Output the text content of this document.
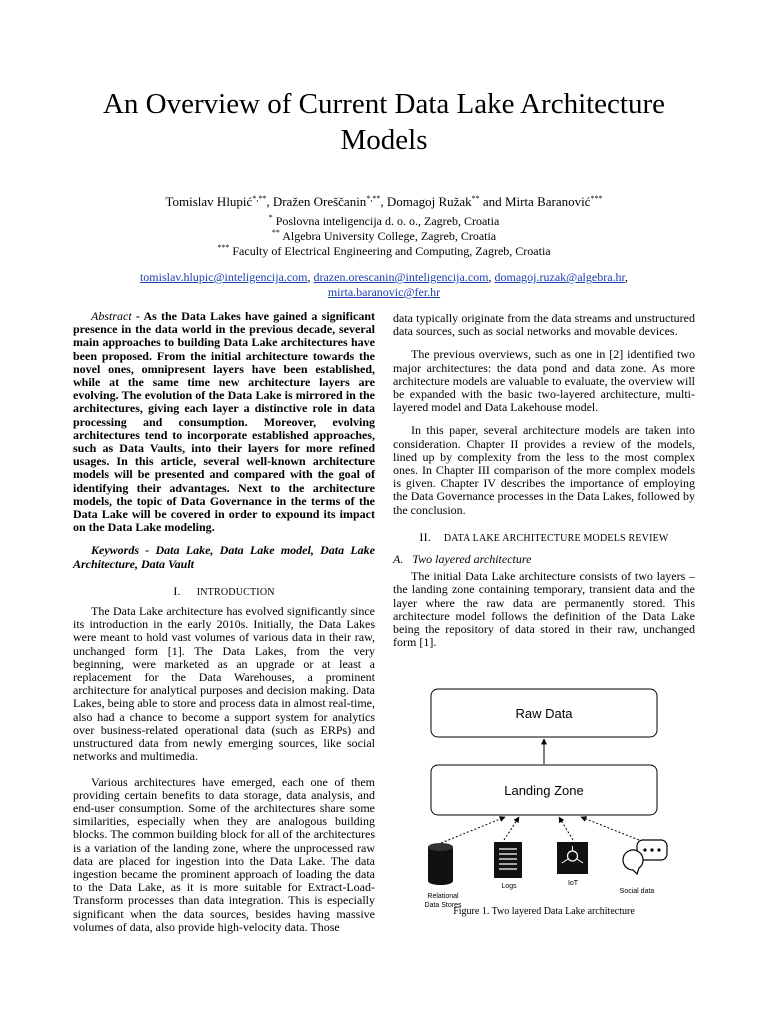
An Overview of Current Data Lake Architecture
Models
Tomislav Hlupić*,**, Dražen Oreščanin*,**, Domagoj Ružak** and Mirta Baranović***
* Poslovna inteligencija d. o. o., Zagreb, Croatia
** Algebra University College, Zagreb, Croatia
*** Faculty of Electrical Engineering and Computing, Zagreb, Croatia
tomislav.hlupic@inteligencija.com, drazen.orescanin@inteligencija.com, domagoj.ruzak@algebra.hr,
mirta.baranovic@fer.hr

Abstract - As the Data Lakes have gained a significant presence in the data world in the previous decade, several main approaches to building Data Lake architectures have been proposed. From the initial architecture towards the novel ones, omnipresent layers have been established, while at the same time new architecture layers are evolving. The evolution of the Data Lake is mirrored in the architectures, giving each layer a distinctive role in data processing and consumption. Moreover, evolving architectures tend to incorporate established approaches, such as Data Vaults, into their layers for more refined usages. In this article, several well-known architecture models will be presented and compared with the goal of identifying their advantages. Next to the architecture models, the topic of Data Governance in the terms of the Data Lake will be covered in order to expound its impact on the Data Lake modeling.

Keywords - Data Lake, Data Lake model, Data Lake Architecture, Data Vault

I. INTRODUCTION

The Data Lake architecture has evolved significantly since its introduction in the early 2010s. Initially, the Data Lakes were meant to hold vast volumes of various data in their raw, unchanged form [1]. The Data Lakes, from the very beginning, were marketed as an upgrade or at least a replacement for the Data Warehouses, a prominent architecture for analytical purposes and decision making. Data Lakes, being able to store and process data in almost real-time, also had a chance to become a support system for analytics over business-related operational data (such as ERPs) and unstructured data from newly emerging sources, like social networks and multimedia.

Various architectures have emerged, each one of them providing certain benefits to data storage, data analysis, and end-user consumption. Some of the architectures share some similarities, especially when they are analogous building blocks. The common building block for all of the architectures is a variation of the landing zone, where the unprocessed raw data are placed for ingestion into the Data Lake. The data ingestion became the prominent approach of loading the data to the Data Lake, as it is more suitable for Extract-Load-Transform processes than data integration. This is especially significant when the data sources, besides having massive volumes of data, also provide high-velocity data. Those

data typically originate from the data streams and unstructured data sources, such as social networks and movable devices.

The previous overviews, such as one in [2] identified two major architectures: the data pond and data zone. As more architecture models are valuable to evaluate, the overview will be expanded with the basic two-layered architecture, multi-layered model and Data Lakehouse model.

In this paper, several architecture models are taken into consideration. Chapter II provides a review of the models, lined up by complexity from the less to the most complex ones. In Chapter III comparison of the more complex models is given. Chapter IV describes the importance of employing the Data Governance processes in the Data Lakes, followed by the conclusion.

II. DATA LAKE ARCHITECTURE MODELS REVIEW

A. Two layered architecture

The initial Data Lake architecture consists of two layers – the landing zone containing temporary, transient data and the layer where the raw data are permanently stored. This architecture model follows the definition of the Data Lake being the repository of data stored in their raw, unchanged form [1].

Raw Data
Landing Zone
Relational
Data Stores
Logs	IoT
Social data
Figure 1. Two layered Data Lake architecture
